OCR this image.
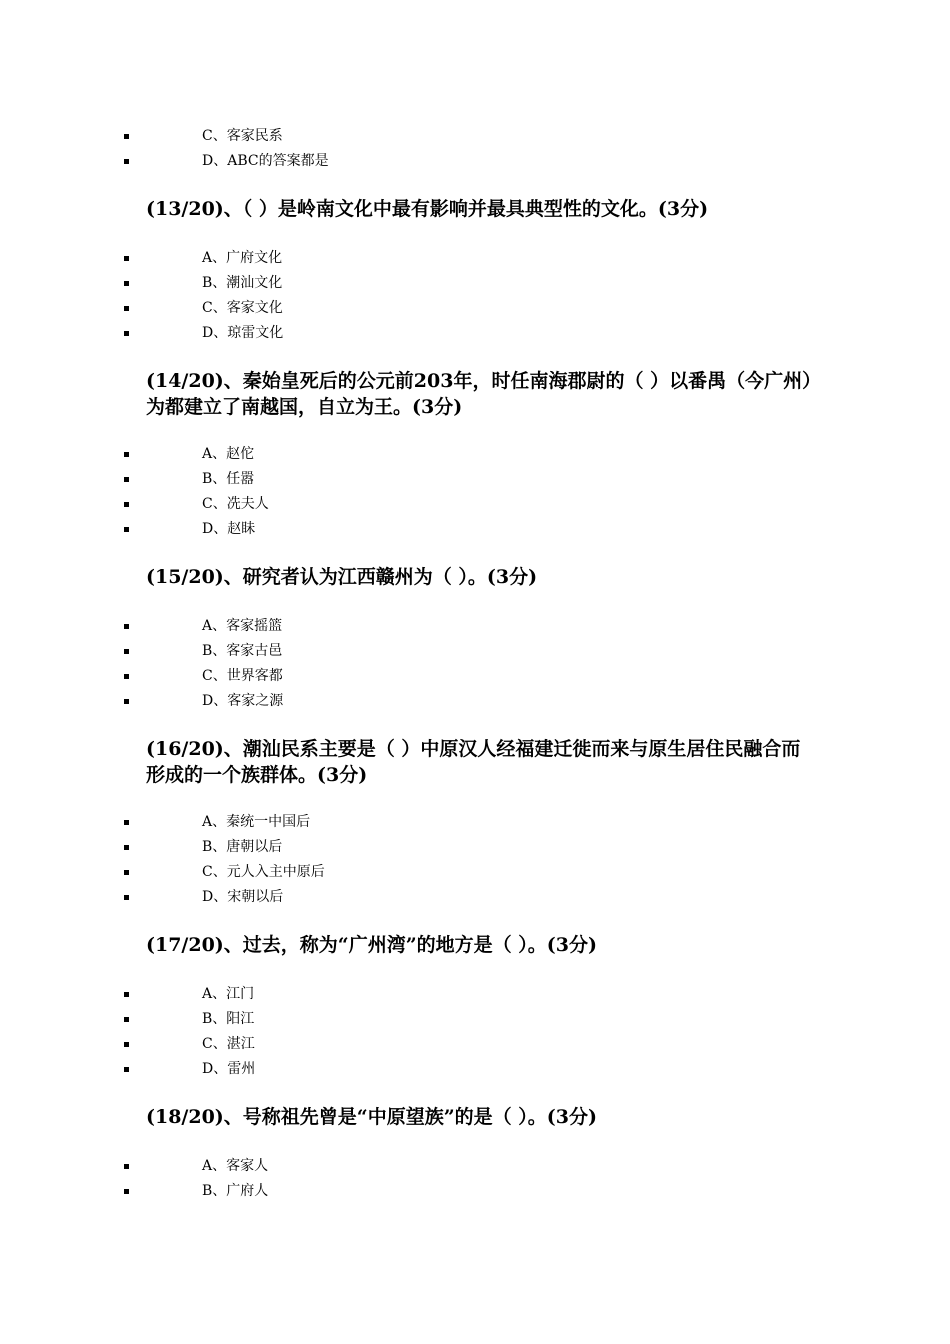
C、客家民系
D、ABC的答案都是

(13/20)、（ ）是岭南文化中最有影响并最具典型性的文化。(3分)

A、广府文化
B、潮汕文化
C、客家文化
D、琼雷文化

(14/20)、秦始皇死后的公元前203年，时任南海郡尉的（ ）以番禺（今广州）为都建立了南越国，自立为王。(3分)

A、赵佗
B、任嚣
C、冼夫人
D、赵眛

(15/20)、研究者认为江西赣州为（ ）。(3分)

A、客家摇篮
B、客家古邑
C、世界客都
D、客家之源

(16/20)、潮汕民系主要是（ ）中原汉人经福建迁徙而来与原生居住民融合而形成的一个族群体。(3分)

A、秦统一中国后
B、唐朝以后
C、元人入主中原后
D、宋朝以后

(17/20)、过去，称为“广州湾”的地方是（ ）。(3分)

A、江门
B、阳江
C、湛江
D、雷州

(18/20)、号称祖先曾是“中原望族”的是（ ）。(3分)

A、客家人
B、广府人
